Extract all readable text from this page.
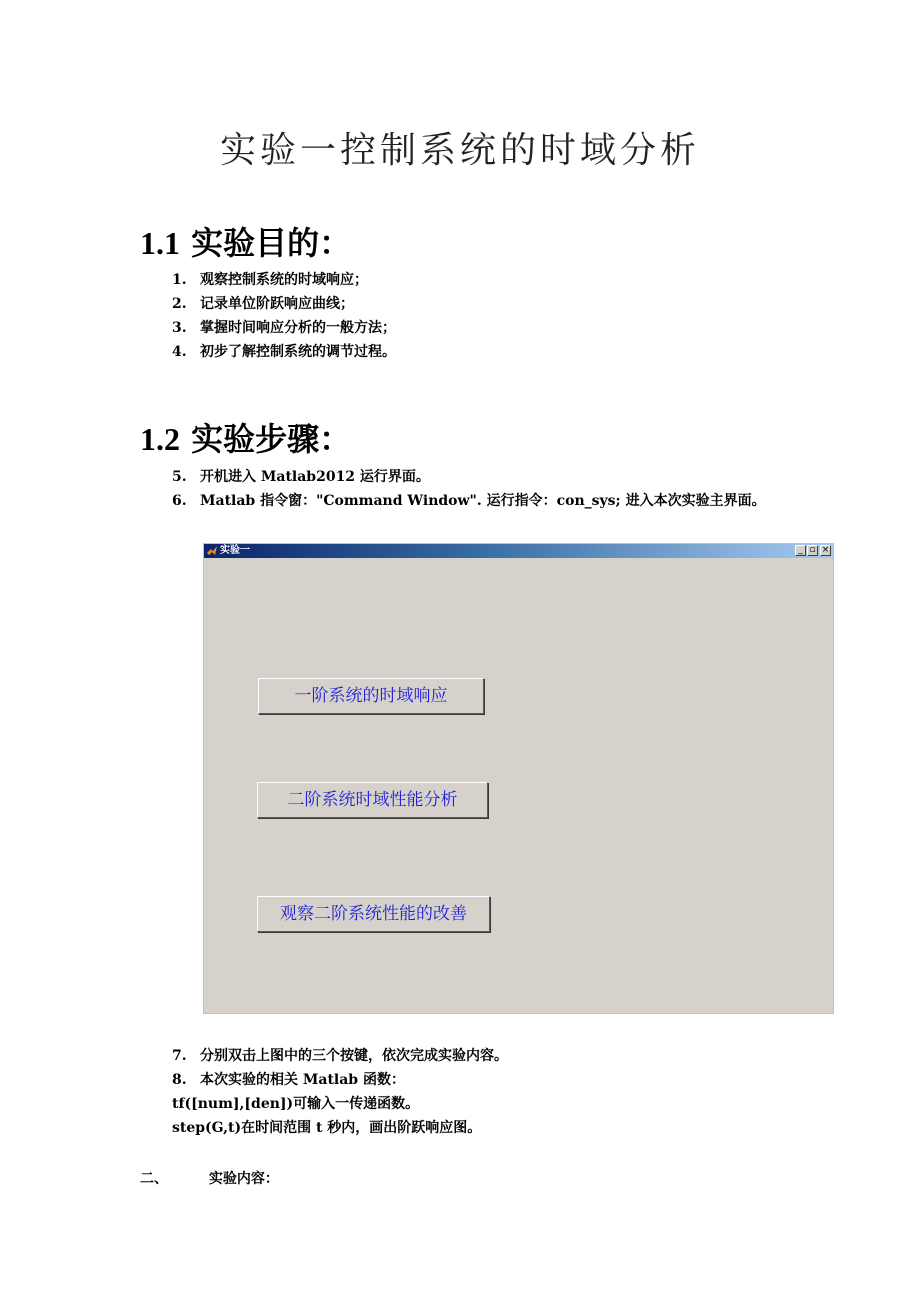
实验一控制系统的时域分析
1.1 实验目的：
1. 观察控制系统的时域响应；
2. 记录单位阶跃响应曲线；
3. 掌握时间响应分析的一般方法；
4. 初步了解控制系统的调节过程。
1.2 实验步骤：
5. 开机进入 Matlab2012 运行界面。
6. Matlab 指令窗："Command Window". 运行指令：con_sys; 进入本次实验主界面。
实验一	_ ▫ ×
一阶系统的时域响应
二阶系统时域性能分析
观察二阶系统性能的改善
7. 分别双击上图中的三个按键，依次完成实验内容。
8. 本次实验的相关 Matlab 函数：
tf([num],[den])可输入一传递函数。
step(G,t)在时间范围 t 秒内，画出阶跃响应图。
二、	实验内容：
